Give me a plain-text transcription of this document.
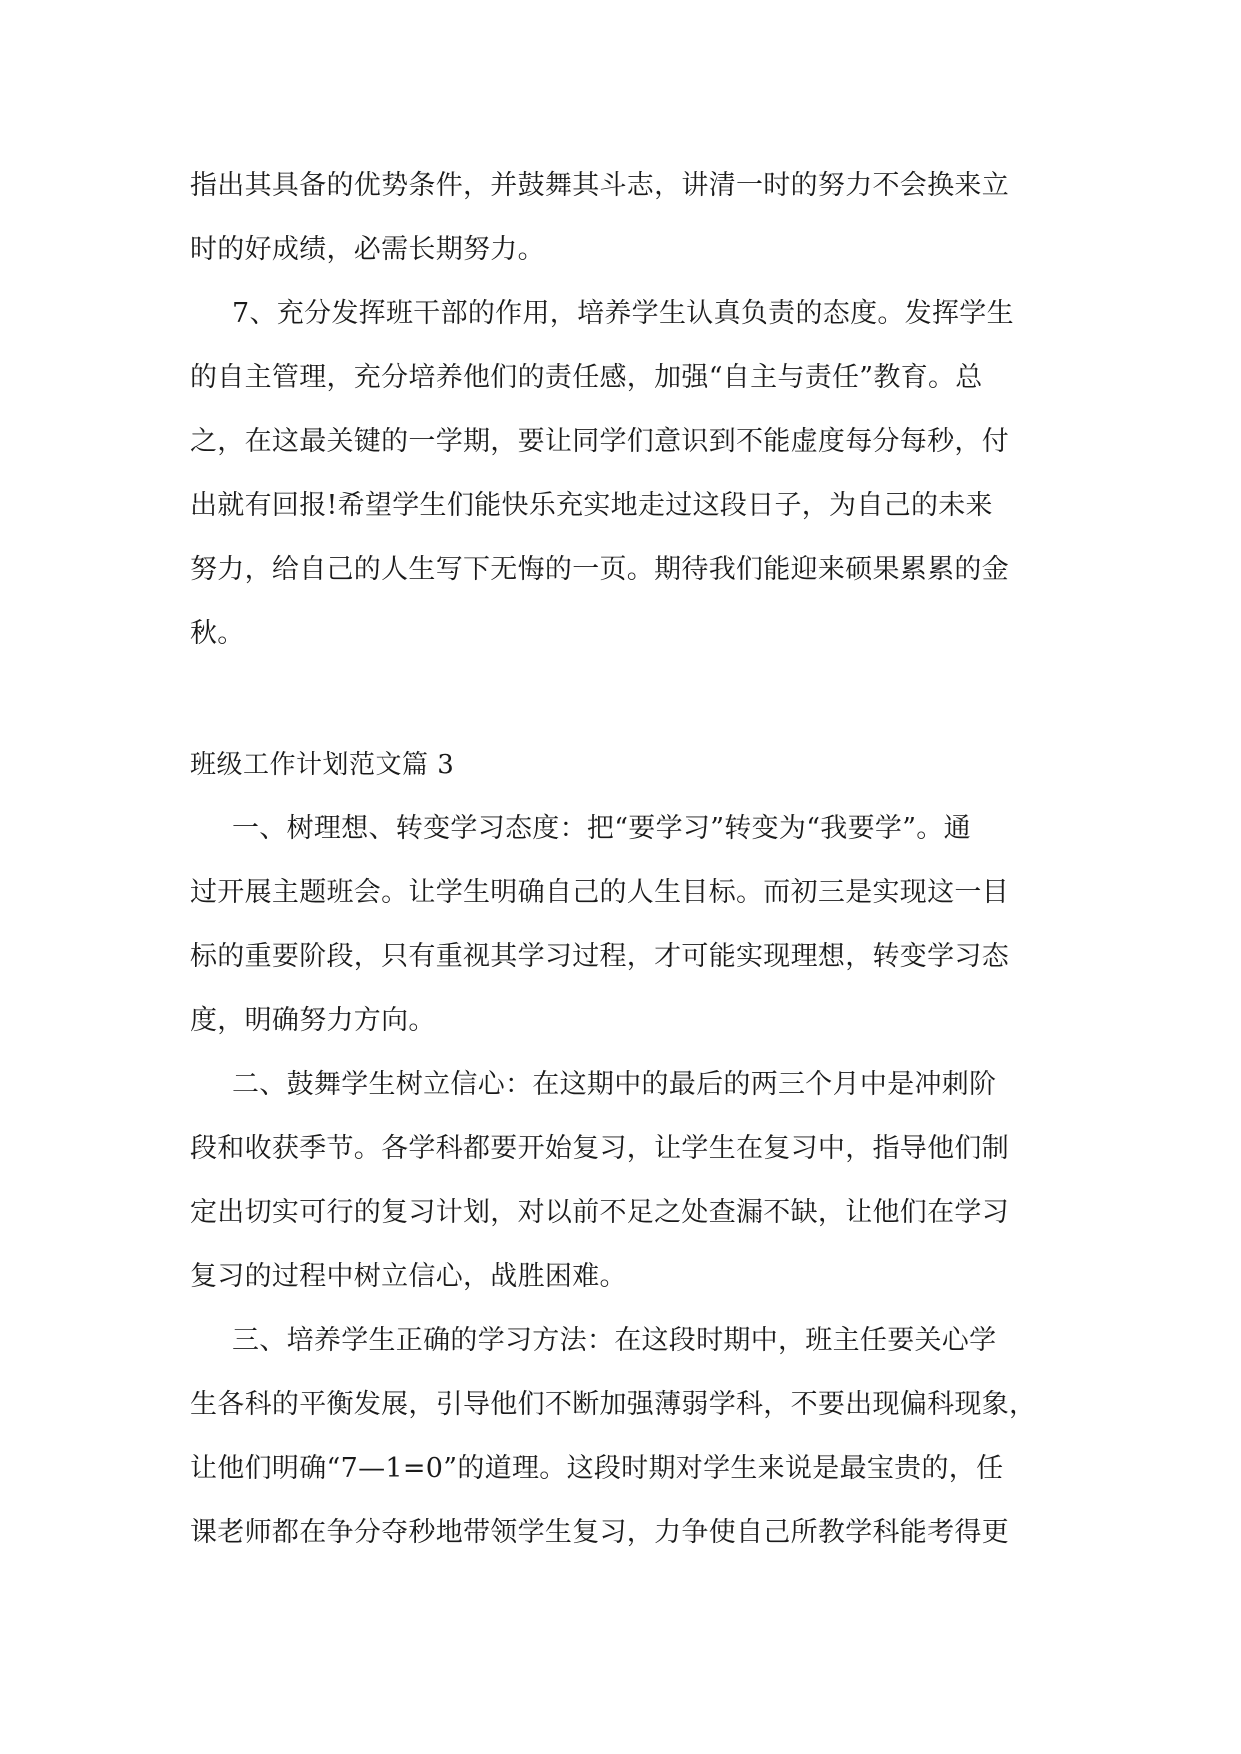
指出其具备的优势条件，并鼓舞其斗志，讲清一时的努力不会换来立

时的好成绩，必需长期努力。

7、充分发挥班干部的作用，培养学生认真负责的态度。发挥学生

的自主管理，充分培养他们的责任感，加强“自主与责任”教育。总

之，在这最关键的一学期，要让同学们意识到不能虚度每分每秒，付

出就有回报!希望学生们能快乐充实地走过这段日子，为自己的未来

努力，给自己的人生写下无悔的一页。期待我们能迎来硕果累累的金

秋。

班级工作计划范文篇 3

一、树理想、转变学习态度：把“要学习”转变为“我要学”。通

过开展主题班会。让学生明确自己的人生目标。而初三是实现这一目

标的重要阶段，只有重视其学习过程，才可能实现理想，转变学习态

度，明确努力方向。

二、鼓舞学生树立信心：在这期中的最后的两三个月中是冲刺阶

段和收获季节。各学科都要开始复习，让学生在复习中，指导他们制

定出切实可行的复习计划，对以前不足之处查漏不缺，让他们在学习

复习的过程中树立信心，战胜困难。

三、培养学生正确的学习方法：在这段时期中，班主任要关心学

生各科的平衡发展，引导他们不断加强薄弱学科，不要出现偏科现象，

让他们明确“7—1=0”的道理。这段时期对学生来说是最宝贵的，任

课老师都在争分夺秒地带领学生复习，力争使自己所教学科能考得更
